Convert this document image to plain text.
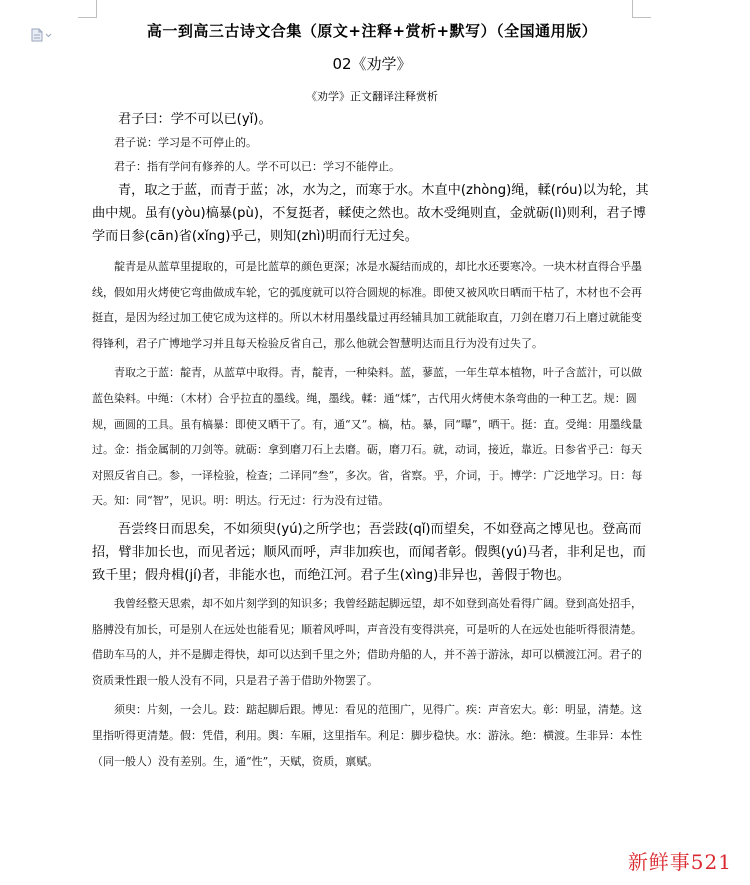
高一到高三古诗文合集（原文+注释+赏析+默写）（全国通用版）
02《劝学》
《劝学》正文翻译注释赏析

君子曰：学不可以已(yǐ)。

君子说：学习是不可停止的。

君子：指有学问有修养的人。学不可以已：学习不能停止。

青，取之于蓝，而青于蓝；冰，水为之，而寒于水。木直中(zhòng)绳，輮(róu)以为轮，其曲中规。虽有(yòu)槁暴(pù)，不复挺者，輮使之然也。故木受绳则直，金就砺(lì)则利，君子博学而日参(cān)省(xǐng)乎己，则知(zhì)明而行无过矣。

靛青是从蓝草里提取的，可是比蓝草的颜色更深；冰是水凝结而成的，却比水还要寒冷。一块木材直得合乎墨线，假如用火烤使它弯曲做成车轮，它的弧度就可以符合圆规的标准。即使又被风吹日晒而干枯了，木材也不会再挺直，是因为经过加工使它成为这样的。所以木材用墨线量过再经辅具加工就能取直，刀剑在磨刀石上磨过就能变得锋利，君子广博地学习并且每天检验反省自己，那么他就会智慧明达而且行为没有过失了。

青取之于蓝：靛青，从蓝草中取得。青，靛青，一种染料。蓝，蓼蓝，一年生草本植物，叶子含蓝汁，可以做蓝色染料。中绳：（木材）合乎拉直的墨线。绳，墨线。輮：通“煣”，古代用火烤使木条弯曲的一种工艺。规：圆规，画圆的工具。虽有槁暴：即使又晒干了。有，通“又”。槁，枯。暴，同“曝”，晒干。挺：直。受绳：用墨线量过。金：指金属制的刀剑等。就砺：拿到磨刀石上去磨。砺，磨刀石。就，动词，接近，靠近。日参省乎己：每天对照反省自己。参，一译检验，检查；二译同“叁”，多次。省，省察。乎，介词，于。博学：广泛地学习。日：每天。知：同“智”，见识。明：明达。行无过：行为没有过错。

吾尝终日而思矣，不如须臾(yú)之所学也；吾尝跂(qǐ)而望矣，不如登高之博见也。登高而招，臂非加长也，而见者远；顺风而呼，声非加疾也，而闻者彰。假舆(yú)马者，非利足也，而致千里；假舟楫(jí)者，非能水也，而绝江河。君子生(xìng)非异也，善假于物也。

我曾经整天思索，却不如片刻学到的知识多；我曾经踮起脚远望，却不如登到高处看得广阔。登到高处招手，胳膊没有加长，可是别人在远处也能看见；顺着风呼叫，声音没有变得洪亮，可是听的人在远处也能听得很清楚。借助车马的人，并不是脚走得快，却可以达到千里之外；借助舟船的人，并不善于游泳，却可以横渡江河。君子的资质秉性跟一般人没有不同，只是君子善于借助外物罢了。

须臾：片刻，一会儿。跂：踮起脚后跟。博见：看见的范围广，见得广。疾：声音宏大。彰：明显，清楚。这里指听得更清楚。假：凭借，利用。舆：车厢，这里指车。利足：脚步稳快。水：游泳。绝：横渡。生非异：本性（同一般人）没有差别。生，通“性”，天赋，资质，禀赋。

新鲜事521
